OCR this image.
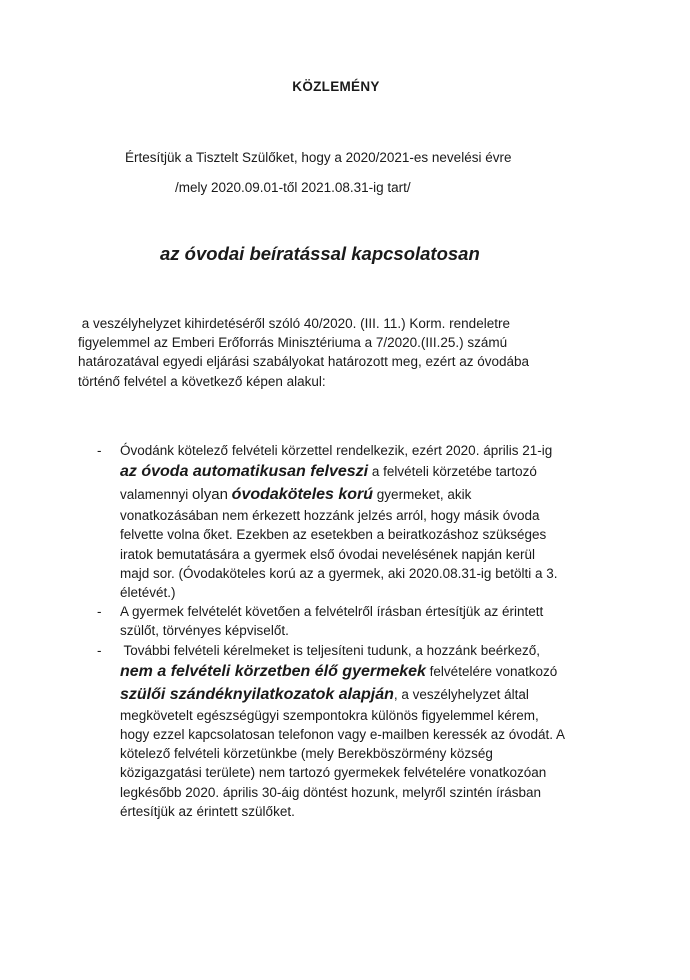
KÖZLEMÉNY
Értesítjük a Tisztelt Szülőket, hogy a 2020/2021-es nevelési évre
/mely 2020.09.01-től 2021.08.31-ig tart/
az óvodai beíratással kapcsolatosan
a veszélyhelyzet kihirdetéséről szóló 40/2020. (III. 11.) Korm. rendeletre
figyelemmel az Emberi Erőforrás Minisztériuma a 7/2020.(III.25.) számú
határozatával egyedi eljárási szabályokat határozott meg, ezért az óvodába
történő felvétel a következő képen alakul:
- Óvodánk kötelező felvételi körzettel rendelkezik, ezért 2020. április 21-ig
az óvoda automatikusan felveszi a felvételi körzetébe tartozó
valamennyi olyan óvodaköteles korú gyermeket, akik
vonatkozásában nem érkezett hozzánk jelzés arról, hogy másik óvoda
felvette volna őket. Ezekben az esetekben a beiratkozáshoz szükséges
iratok bemutatására a gyermek első óvodai nevelésének napján kerül
majd sor. (Óvodaköteles korú az a gyermek, aki 2020.08.31-ig betölti a 3.
életévét.)
- A gyermek felvételét követően a felvételről írásban értesítjük az érintett
szülőt, törvényes képviselőt.
- További felvételi kérelmeket is teljesíteni tudunk, a hozzánk beérkező,
nem a felvételi körzetben élő gyermekek felvételére vonatkozó
szülői szándéknyilatkozatok alapján, a veszélyhelyzet által
megkövetelt egészségügyi szempontokra különös figyelemmel kérem,
hogy ezzel kapcsolatosan telefonon vagy e-mailben keressék az óvodát. A
kötelező felvételi körzetünkbe (mely Berekböszörmény község
közigazgatási területe) nem tartozó gyermekek felvételére vonatkozóan
legkésőbb 2020. április 30-áig döntést hozunk, melyről szintén írásban
értesítjük az érintett szülőket.
